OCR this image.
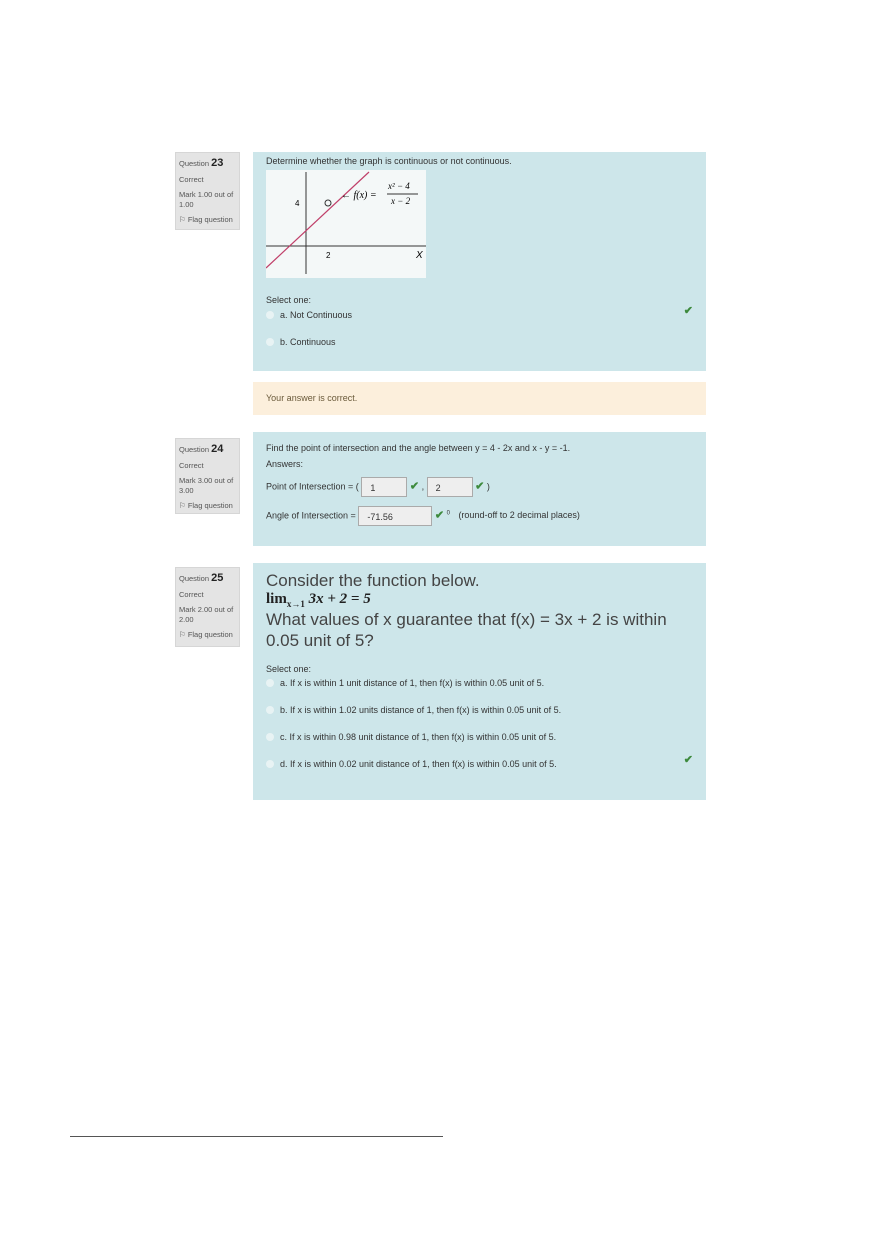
Question 23
Correct
Mark 1.00 out of 1.00
⚐ Flag question
Determine whether the graph is continuous or not continuous.
4
2	X
← f(x) =
x² − 4
x − 2
Select one:
a. Not Continuous	✔
b. Continuous
Your answer is correct.
Question 24
Correct
Mark 3.00 out of 3.00
⚐ Flag question
Find the point of intersection and the angle between y = 4 - 2x and x - y = -1.
Answers:
Point of Intersection = ( 1	✔ , 2	✔ )
Angle of Intersection = -71.56	✔ $^0$ (round-off to 2 decimal places)
Question 25
Correct
Mark 2.00 out of 2.00
⚐ Flag question
Consider the function below.
$\lim_{x\to 1} 3x + 2 = 5$
What values of x guarantee that f(x) = 3x + 2 is within 0.05 unit of 5?
Select one:
a. If x is within 1 unit distance of 1, then f(x) is within 0.05 unit of 5.
b. If x is within 1.02 units distance of 1, then f(x) is within 0.05 unit of 5.
c. If x is within 0.98 unit distance of 1, then f(x) is within 0.05 unit of 5.
d. If x is within 0.02 unit distance of 1, then f(x) is within 0.05 unit of 5.	✔
